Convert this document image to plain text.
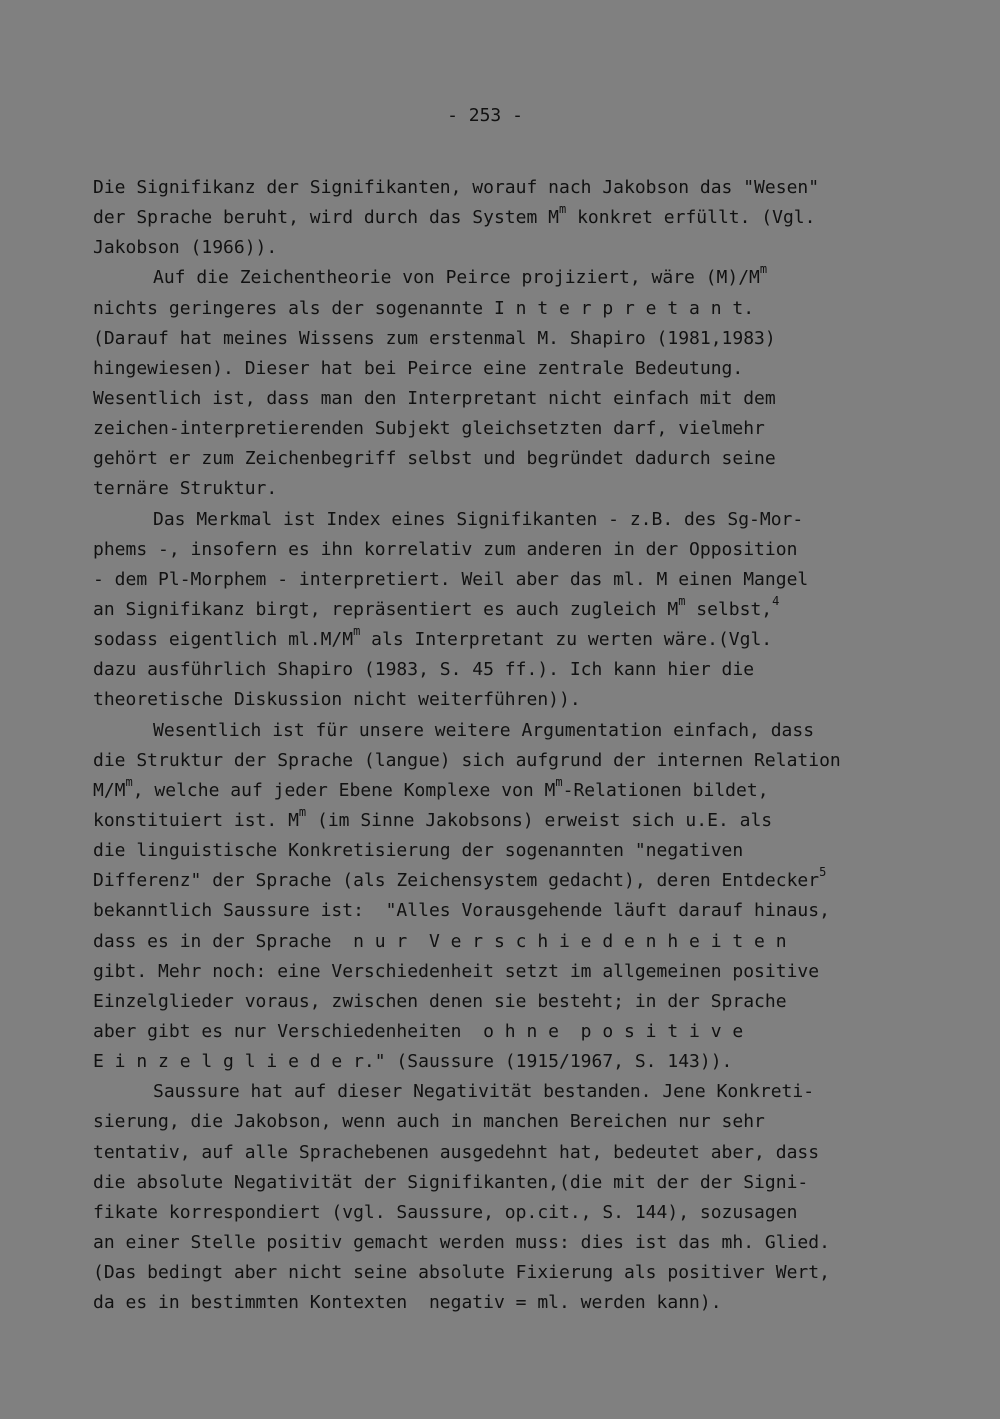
- 253 -
Die Signifikanz der Signifikanten, worauf nach Jakobson das "Wesen"
der Sprache beruht, wird durch das System $M^m$ konkret erfüllt. (Vgl.
Jakobson (1966)).
Auf die Zeichentheorie von Peirce projiziert, wäre $(M)/M^m$
nichts geringeres als der sogenannte I n t e r p r e t a n t.
(Darauf hat meines Wissens zum erstenmal M. Shapiro (1981,1983)
hingewiesen). Dieser hat bei Peirce eine zentrale Bedeutung.
Wesentlich ist, dass man den Interpretant nicht einfach mit dem
zeichen-interpretierenden Subjekt gleichsetzten darf, vielmehr
gehört er zum Zeichenbegriff selbst und begründet dadurch seine
ternäre Struktur.
Das Merkmal ist Index eines Signifikanten - z.B. des Sg-Mor-
phems -, insofern es ihn korrelativ zum anderen in der Opposition
- dem Pl-Morphem - interpretiert. Weil aber das ml. M einen Mangel
an Signifikanz birgt, repräsentiert es auch zugleich $M^m$ selbst,$^4$
sodass eigentlich $ml.M/M^m$ als Interpretant zu werten wäre.(Vgl.
dazu ausführlich Shapiro (1983, S. 45 ff.). Ich kann hier die
theoretische Diskussion nicht weiterführen)).
Wesentlich ist für unsere weitere Argumentation einfach, dass
die Struktur der Sprache (langue) sich aufgrund der internen Relation
$M/M^m$, welche auf jeder Ebene Komplexe von $M^m$-Relationen bildet,
konstituiert ist. $M^m$ (im Sinne Jakobsons) erweist sich u.E. als
die linguistische Konkretisierung der sogenannten "negativen
Differenz" der Sprache (als Zeichensystem gedacht), deren Entdecker$^5$
bekanntlich Saussure ist:  "Alles Vorausgehende läuft darauf hinaus,
dass es in der Sprache  n u r  V e r s c h i e d e n h e i t e n
gibt. Mehr noch: eine Verschiedenheit setzt im allgemeinen positive
Einzelglieder voraus, zwischen denen sie besteht; in der Sprache
aber gibt es nur Verschiedenheiten  o h n e  p o s i t i v e
E i n z e l g l i e d e r." (Saussure (1915/1967, S. 143)).
Saussure hat auf dieser Negativität bestanden. Jene Konkreti-
sierung, die Jakobson, wenn auch in manchen Bereichen nur sehr
tentativ, auf alle Sprachebenen ausgedehnt hat, bedeutet aber, dass
die absolute Negativität der Signifikanten,(die mit der der Signi-
fikate korrespondiert (vgl. Saussure, op.cit., S. 144), sozusagen
an einer Stelle positiv gemacht werden muss: dies ist das mh. Glied.
(Das bedingt aber nicht seine absolute Fixierung als positiver Wert,
da es in bestimmten Kontexten  negativ = ml. werden kann).
